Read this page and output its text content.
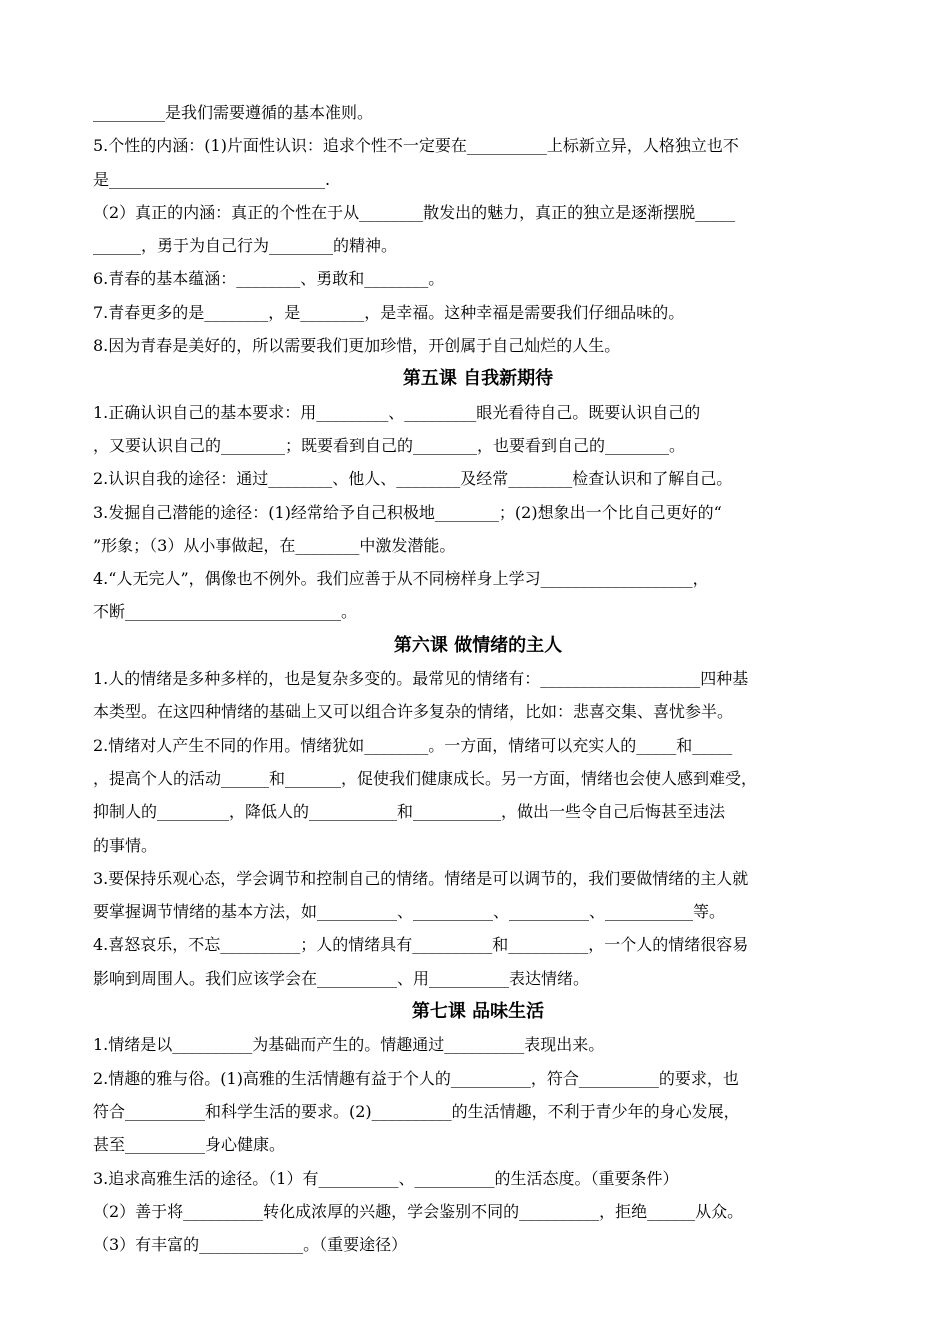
_________是我们需要遵循的基本准则。
5.个性的内涵：(1)片面性认识：追求个性不一定要在__________上标新立异，人格独立也不
是___________________________.
（2）真正的内涵：真正的个性在于从________散发出的魅力，真正的独立是逐渐摆脱_____
______，勇于为自己行为________的精神。
6.青春的基本蕴涵：________、勇敢和________。
7.青春更多的是________，是________，是幸福。这种幸福是需要我们仔细品味的。
8.因为青春是美好的，所以需要我们更加珍惜，开创属于自己灿烂的人生。
第五课 自我新期待
1.正确认识自己的基本要求：用_________、_________眼光看待自己。既要认识自己的
，又要认识自己的________；既要看到自己的________，也要看到自己的________。
2.认识自我的途径：通过________、他人、________及经常________检查认识和了解自己。
3.发掘自己潜能的途径：(1)经常给予自己积极地________；(2)想象出一个比自己更好的“
”形象；（3）从小事做起，在________中激发潜能。
4.“人无完人”，偶像也不例外。我们应善于从不同榜样身上学习___________________，
不断___________________________。
第六课 做情绪的主人
1.人的情绪是多种多样的，也是复杂多变的。最常见的情绪有：____________________四种基
本类型。在这四种情绪的基础上又可以组合许多复杂的情绪，比如：悲喜交集、喜忧参半。
2.情绪对人产生不同的作用。情绪犹如________。一方面，情绪可以充实人的_____和_____
，提高个人的活动______和_______，促使我们健康成长。另一方面，情绪也会使人感到难受，
抑制人的_________，降低人的___________和___________，做出一些令自己后悔甚至违法
的事情。
3.要保持乐观心态，学会调节和控制自己的情绪。情绪是可以调节的，我们要做情绪的主人就
要掌握调节情绪的基本方法，如__________、__________、__________、___________等。
4.喜怒哀乐，不忘__________；人的情绪具有__________和__________，一个人的情绪很容易
影响到周围人。我们应该学会在__________、用__________表达情绪。
第七课 品味生活
1.情绪是以__________为基础而产生的。情趣通过__________表现出来。
2.情趣的雅与俗。(1)高雅的生活情趣有益于个人的__________，符合__________的要求，也
符合__________和科学生活的要求。(2)__________的生活情趣，不利于青少年的身心发展，
甚至__________身心健康。
3.追求高雅生活的途径。（1）有__________、__________的生活态度。（重要条件）
（2）善于将__________转化成浓厚的兴趣，学会鉴别不同的__________，拒绝______从众。
（3）有丰富的_____________。（重要途径）
